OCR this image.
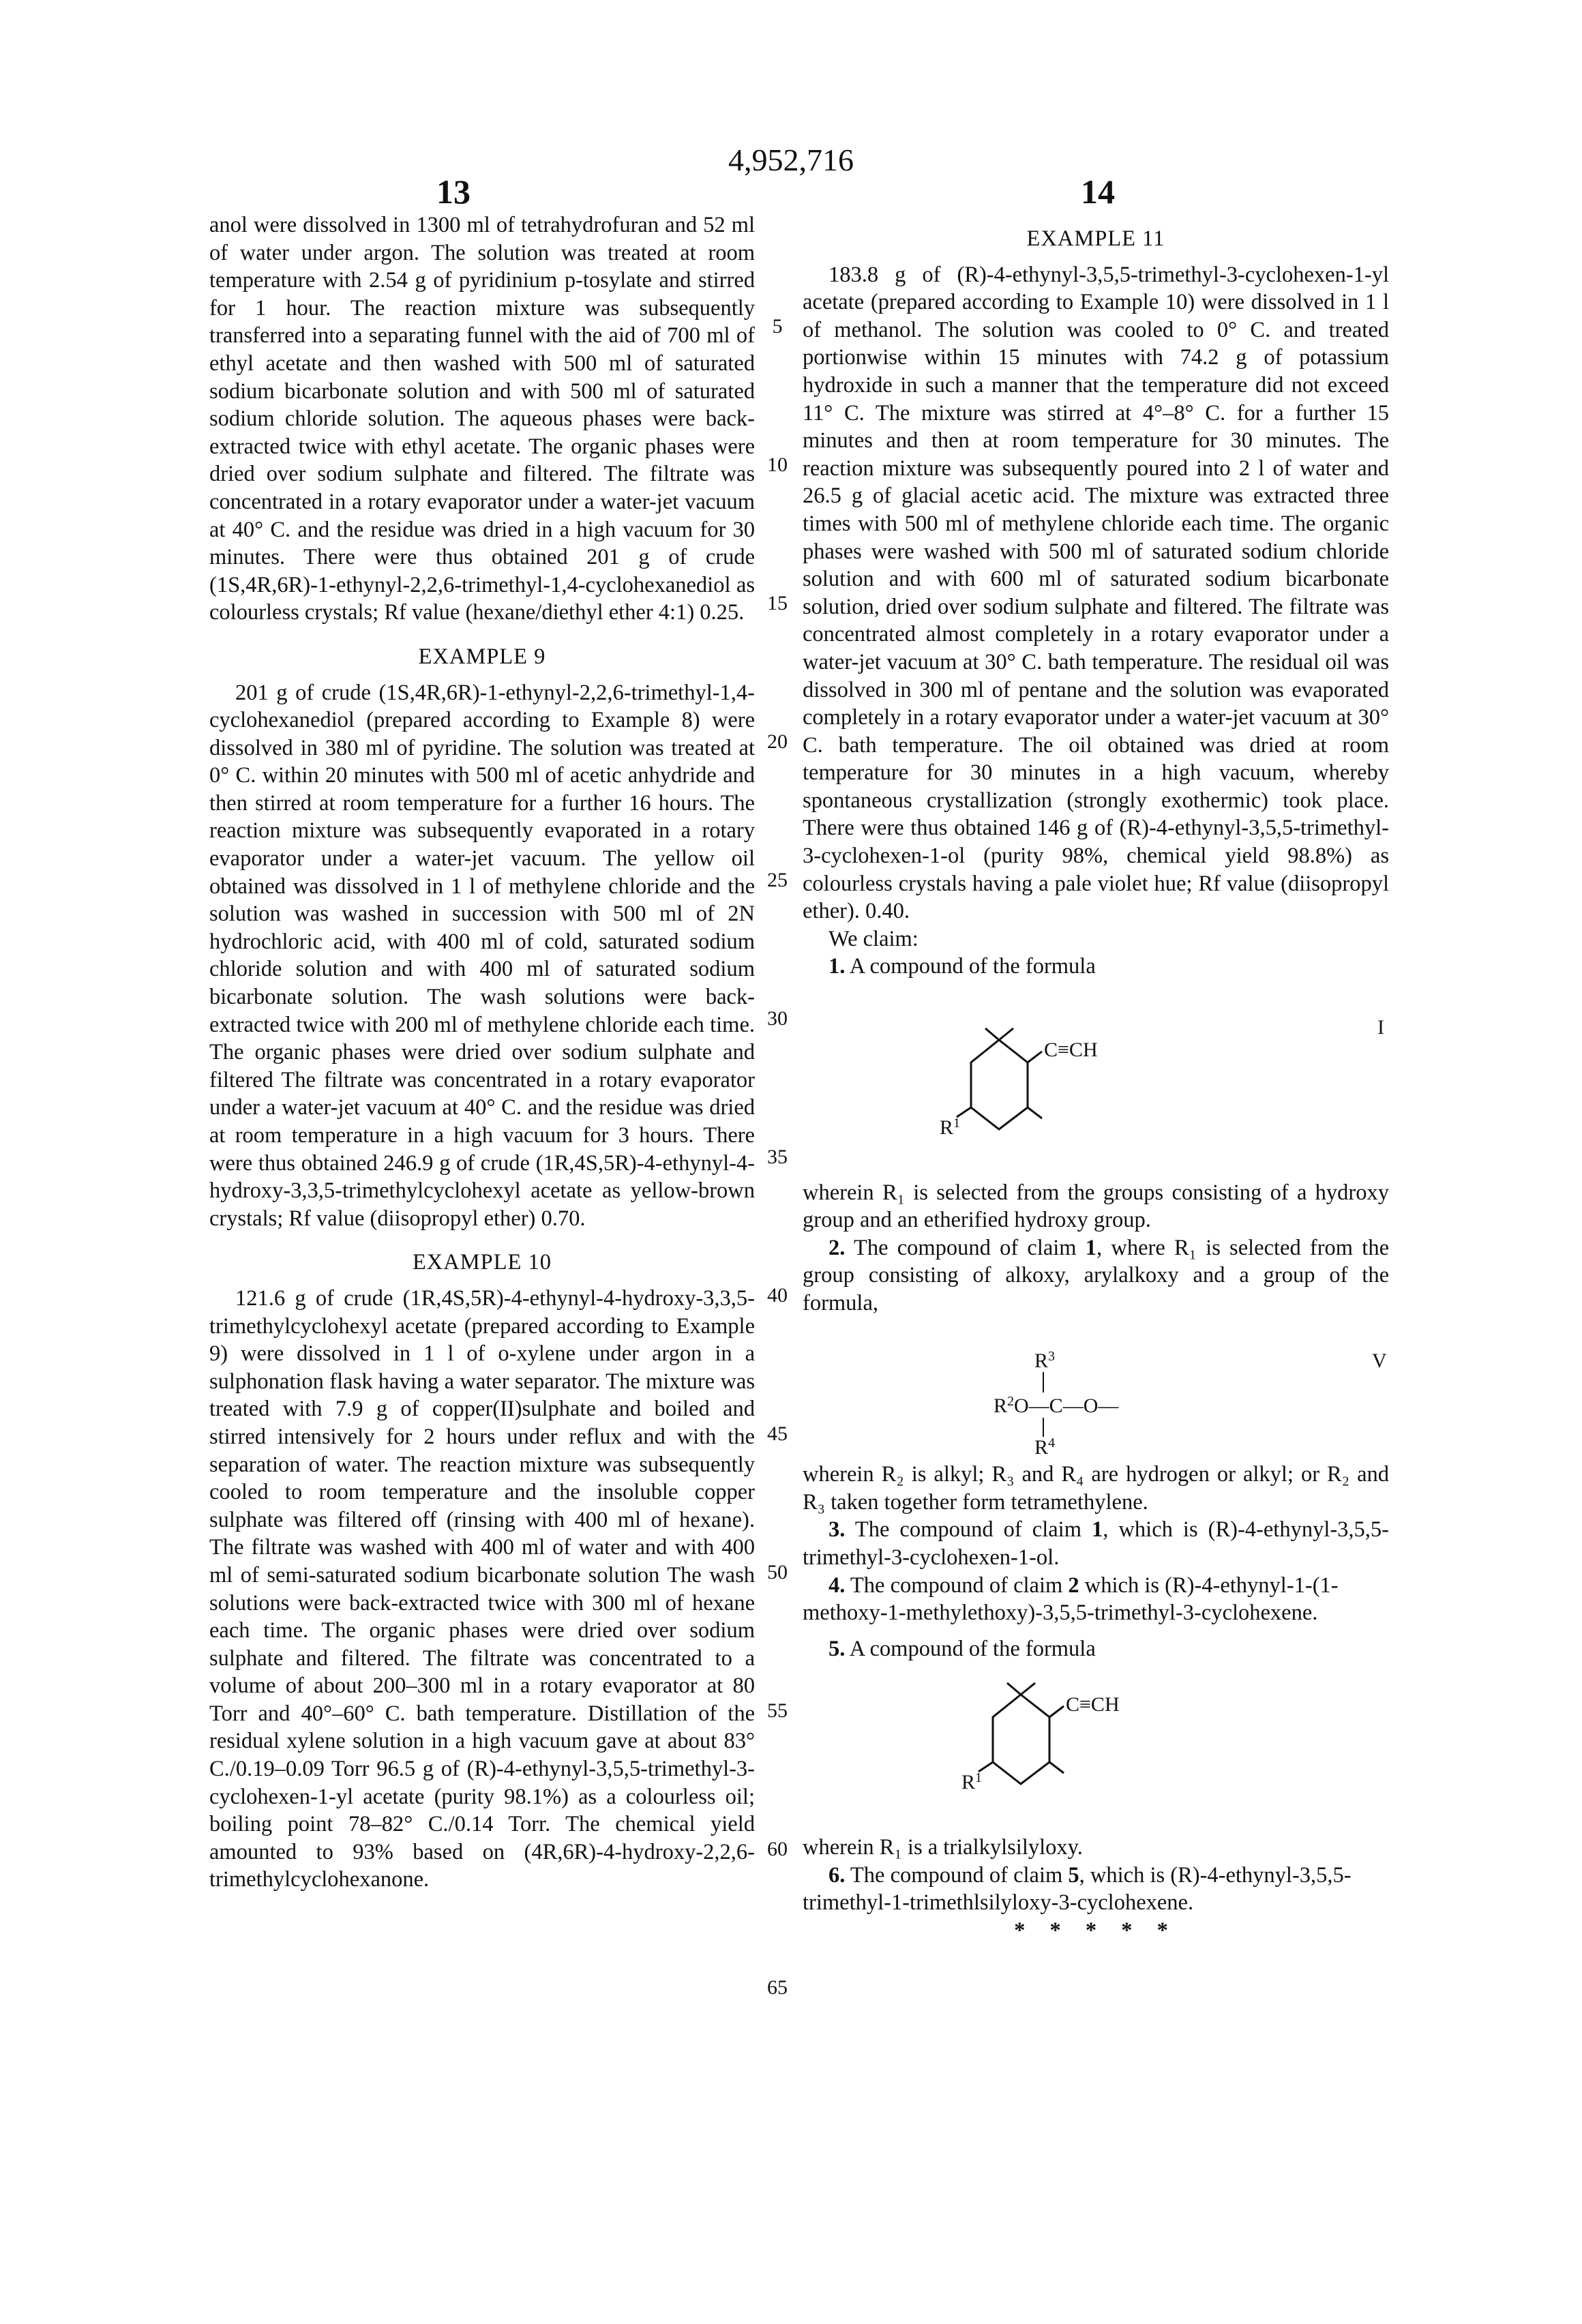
4,952,716
13	14

anol were dissolved in 1300 ml of tetrahydrofuran and 52 ml of water under argon. The solution was treated at room temperature with 2.54 g of pyridinium p-tosylate and stirred for 1 hour. The reaction mixture was subsequently transferred into a separating funnel with the aid of 700 ml of ethyl acetate and then washed with 500 ml of saturated sodium bicarbonate solution and with 500 ml of saturated sodium chloride solution. The aqueous phases were back-extracted twice with ethyl acetate. The organic phases were dried over sodium sulphate and filtered. The filtrate was concentrated in a rotary evaporator under a water-jet vacuum at 40° C. and the residue was dried in a high vacuum for 30 minutes. There were thus obtained 201 g of crude (1S,4R,6R)-1-ethynyl-2,2,6-trimethyl-1,4-cyclohexanediol as colourless crystals; Rf value (hexane/diethyl ether 4:1) 0.25.

EXAMPLE 9

201 g of crude (1S,4R,6R)-1-ethynyl-2,2,6-trimethyl-1,4-cyclohexanediol (prepared according to Example 8) were dissolved in 380 ml of pyridine. The solution was treated at 0° C. within 20 minutes with 500 ml of acetic anhydride and then stirred at room temperature for a further 16 hours. The reaction mixture was subsequently evaporated in a rotary evaporator under a water-jet vacuum. The yellow oil obtained was dissolved in 1 l of methylene chloride and the solution was washed in succession with 500 ml of 2N hydrochloric acid, with 400 ml of cold, saturated sodium chloride solution and with 400 ml of saturated sodium bicarbonate solution. The wash solutions were back-extracted twice with 200 ml of methylene chloride each time. The organic phases were dried over sodium sulphate and filtered The filtrate was concentrated in a rotary evaporator under a water-jet vacuum at 40° C. and the residue was dried at room temperature in a high vacuum for 3 hours. There were thus obtained 246.9 g of crude (1R,4S,5R)-4-ethynyl-4-hydroxy-3,3,5-trimethylcyclohexyl acetate as yellow-brown crystals; Rf value (diisopropyl ether) 0.70.

EXAMPLE 10

121.6 g of crude (1R,4S,5R)-4-ethynyl-4-hydroxy-3,3,5-trimethylcyclohexyl acetate (prepared according to Example 9) were dissolved in 1 l of o-xylene under argon in a sulphonation flask having a water separator. The mixture was treated with 7.9 g of copper(II)sulphate and boiled and stirred intensively for 2 hours under reflux and with the separation of water. The reaction mixture was subsequently cooled to room temperature and the insoluble copper sulphate was filtered off (rinsing with 400 ml of hexane). The filtrate was washed with 400 ml of water and with 400 ml of semi-saturated sodium bicarbonate solution The wash solutions were back-extracted twice with 300 ml of hexane each time. The organic phases were dried over sodium sulphate and filtered. The filtrate was concentrated to a volume of about 200–300 ml in a rotary evaporator at 80 Torr and 40°–60° C. bath temperature. Distillation of the residual xylene solution in a high vacuum gave at about 83° C./0.19–0.09 Torr 96.5 g of (R)-4-ethynyl-3,5,5-trimethyl-3-cyclohexen-1-yl acetate (purity 98.1%) as a colourless oil; boiling point 78–82° C./0.14 Torr. The chemical yield amounted to 93% based on (4R,6R)-4-hydroxy-2,2,6-trimethylcyclohexanone.

5
10
15
20
25
30
35
40
45
50
55
60
65
EXAMPLE 11

183.8 g of (R)-4-ethynyl-3,5,5-trimethyl-3-cyclohexen-1-yl acetate (prepared according to Example 10) were dissolved in 1 l of methanol. The solution was cooled to 0° C. and treated portionwise within 15 minutes with 74.2 g of potassium hydroxide in such a manner that the temperature did not exceed 11° C. The mixture was stirred at 4°–8° C. for a further 15 minutes and then at room temperature for 30 minutes. The reaction mixture was subsequently poured into 2 l of water and 26.5 g of glacial acetic acid. The mixture was extracted three times with 500 ml of methylene chloride each time. The organic phases were washed with 500 ml of saturated sodium chloride solution and with 600 ml of saturated sodium bicarbonate solution, dried over sodium sulphate and filtered. The filtrate was concentrated almost completely in a rotary evaporator under a water-jet vacuum at 30° C. bath temperature. The residual oil was dissolved in 300 ml of pentane and the solution was evaporated completely in a rotary evaporator under a water-jet vacuum at 30° C. bath temperature. The oil obtained was dried at room temperature for 30 minutes in a high vacuum, whereby spontaneous crystallization (strongly exothermic) took place. There were thus obtained 146 g of (R)-4-ethynyl-3,5,5-trimethyl-3-cyclohexen-1-ol (purity 98%, chemical yield 98.8%) as colourless crystals having a pale violet hue; Rf value (diisopropyl ether). 0.40.

We claim:

1. A compound of the formula

C≡CH
R1
I

wherein R₁ is selected from the groups consisting of a hydroxy group and an etherified hydroxy group.

2. The compound of claim 1, where R₁ is selected from the group consisting of alkoxy, arylalkoxy and a group of the formula,

R3
R2O—C—O—
R4
V

wherein R₂ is alkyl; R₃ and R₄ are hydrogen or alkyl; or R₂ and R₃ taken together form tetramethylene.

3. The compound of claim 1, which is (R)-4-ethynyl-3,5,5-trimethyl-3-cyclohexen-1-ol.

4. The compound of claim 2 which is (R)-4-ethynyl-1-(1-methoxy-1-methylethoxy)-3,5,5-trimethyl-3-cyclohexene.

5. A compound of the formula

C≡CH
R1

wherein R₁ is a trialkylsilyloxy.

6. The compound of claim 5, which is (R)-4-ethynyl-3,5,5-trimethyl-1-trimethlsilyloxy-3-cyclohexene.

* * * * *
